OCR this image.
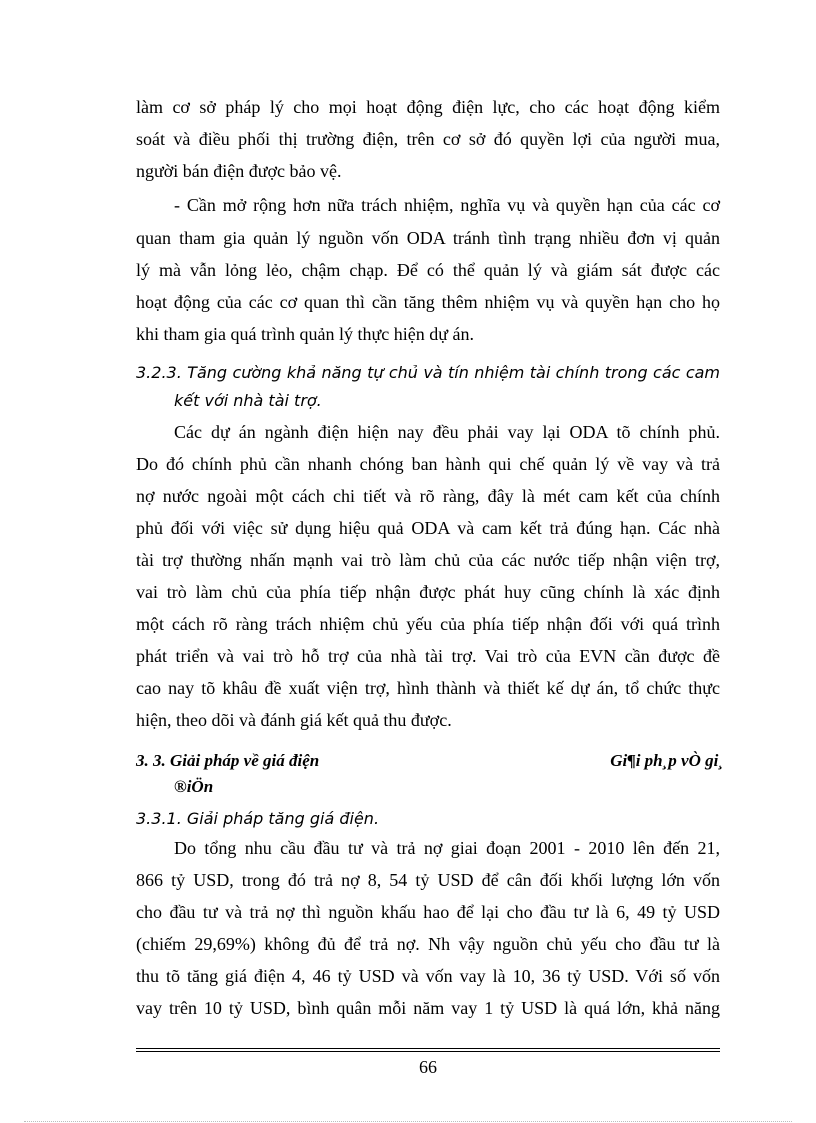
làm cơ sở pháp lý cho mọi hoạt động điện lực, cho các hoạt động kiểm
soát và điều phối thị trường điện, trên cơ sở đó quyền lợi của người mua,
người bán điện được bảo vệ.
- Cần mở rộng hơn nữa trách nhiệm, nghĩa vụ và quyền hạn của các cơ
quan tham gia quản lý nguồn vốn ODA tránh tình trạng nhiều đơn vị quản
lý mà vẫn lỏng lẻo, chậm chạp. Để có thể quản lý và giám sát được các
hoạt động của các cơ quan thì cần tăng thêm nhiệm vụ và quyền hạn cho họ
khi tham gia quá trình quản lý thực hiện dự án.
3.2.3. Tăng cường khả năng tự chủ và tín nhiệm tài chính trong các cam
kết với nhà tài trợ.
Các dự án ngành điện hiện nay đều phải vay lại ODA tõ chính phủ.
Do đó chính phủ cần nhanh chóng ban hành qui chế quản lý về vay và trả
nợ nước ngoài một cách chi tiết và rõ ràng, đây là mét cam kết của chính
phủ đối với việc sử dụng hiệu quả ODA và cam kết trả đúng hạn. Các nhà
tài trợ thường nhấn mạnh vai trò làm chủ của các nước tiếp nhận viện trợ,
vai trò làm chủ của phía tiếp nhận được phát huy cũng chính là xác định
một cách rõ ràng trách nhiệm chủ yếu của phía tiếp nhận đối với quá trình
phát triển và vai trò hỗ trợ của nhà tài trợ. Vai trò của EVN cần được đề
cao nay tõ khâu đề xuất viện trợ, hình thành và thiết kế dự án, tổ chức thực
hiện, theo dõi và đánh giá kết quả thu được.
3. 3. Giải pháp về giá điện	Gi¶i ph¸p vÒ gi¸
®iÖn
3.3.1. Giải pháp tăng giá điện.
Do tổng nhu cầu đầu tư và trả nợ giai đoạn 2001 - 2010 lên đến 21,
866 tỷ USD, trong đó trả nợ 8, 54 tỷ USD để cân đối khối lượng lớn vốn
cho đầu tư và trả nợ thì nguồn khấu hao để lại cho đầu tư là 6, 49 tỷ USD
(chiếm 29,69%) không đủ để trả nợ. Nh vậy nguồn chủ yếu cho đầu tư là
thu tõ tăng giá điện 4, 46 tỷ USD và vốn vay là 10, 36 tỷ USD. Với số vốn
vay trên 10 tỷ USD, bình quân mỗi năm vay 1 tỷ USD là quá lớn, khả năng
66
